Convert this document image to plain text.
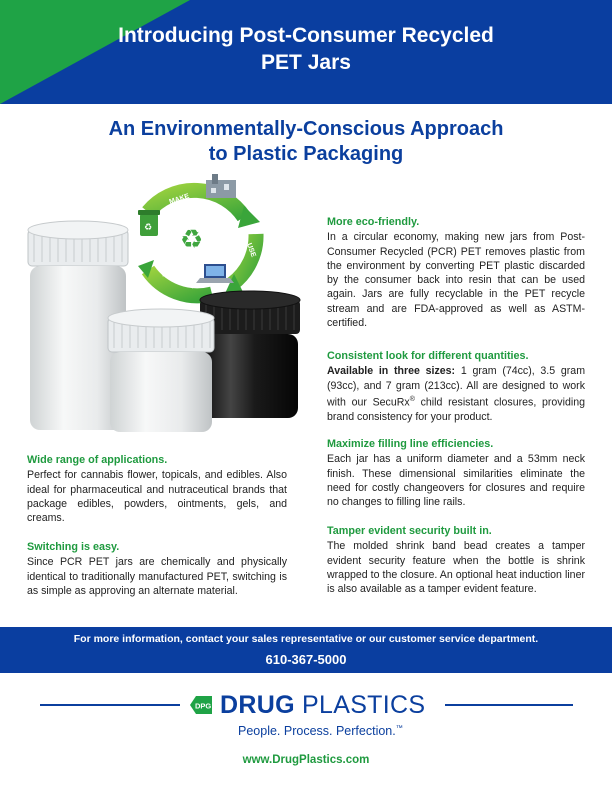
Introducing Post-Consumer Recycled
PET Jars
An Environmentally-Conscious Approach
to Plastic Packaging
MAKE
USE
RECYCLE
♻ ♻
Wide range of applications.

Perfect for cannabis flower, topicals, and edibles. Also ideal for pharmaceutical and nutraceutical brands that package edibles, powders, ointments, gels, and creams.

Switching is easy.

Since PCR PET jars are chemically and physically identical to traditionally manufactured PET, switching is as simple as approving an alternate material.

More eco-friendly.

In a circular economy, making new jars from Post-Consumer Recycled (PCR) PET removes plastic from the environment by converting PET plastic discarded by the consumer back into resin that can be used again. Jars are fully recyclable in the PET recycle stream and are FDA-approved as well as ASTM-certified.

Consistent look for different quantities.

Available in three sizes: 1 gram (74cc), 3.5 gram (93cc), and 7 gram (213cc). All are designed to work with our SecuRx® child resistant closures, providing brand consistency for your product.

Maximize filling line efficiencies.

Each jar has a uniform diameter and a 53mm neck finish. These dimensional similarities eliminate the need for costly changeovers for closures and require no changes to filling line rails.

Tamper evident security built in.

The molded shrink band bead creates a tamper evident security feature when the bottle is shrink wrapped to the closure. An optional heat induction liner is also available as a tamper evident feature.

For more information, contact your sales representative or our customer service department.
610-367-5000
DPG DRUG PLASTICS
People. Process. Perfection.™
www.DrugPlastics.com
